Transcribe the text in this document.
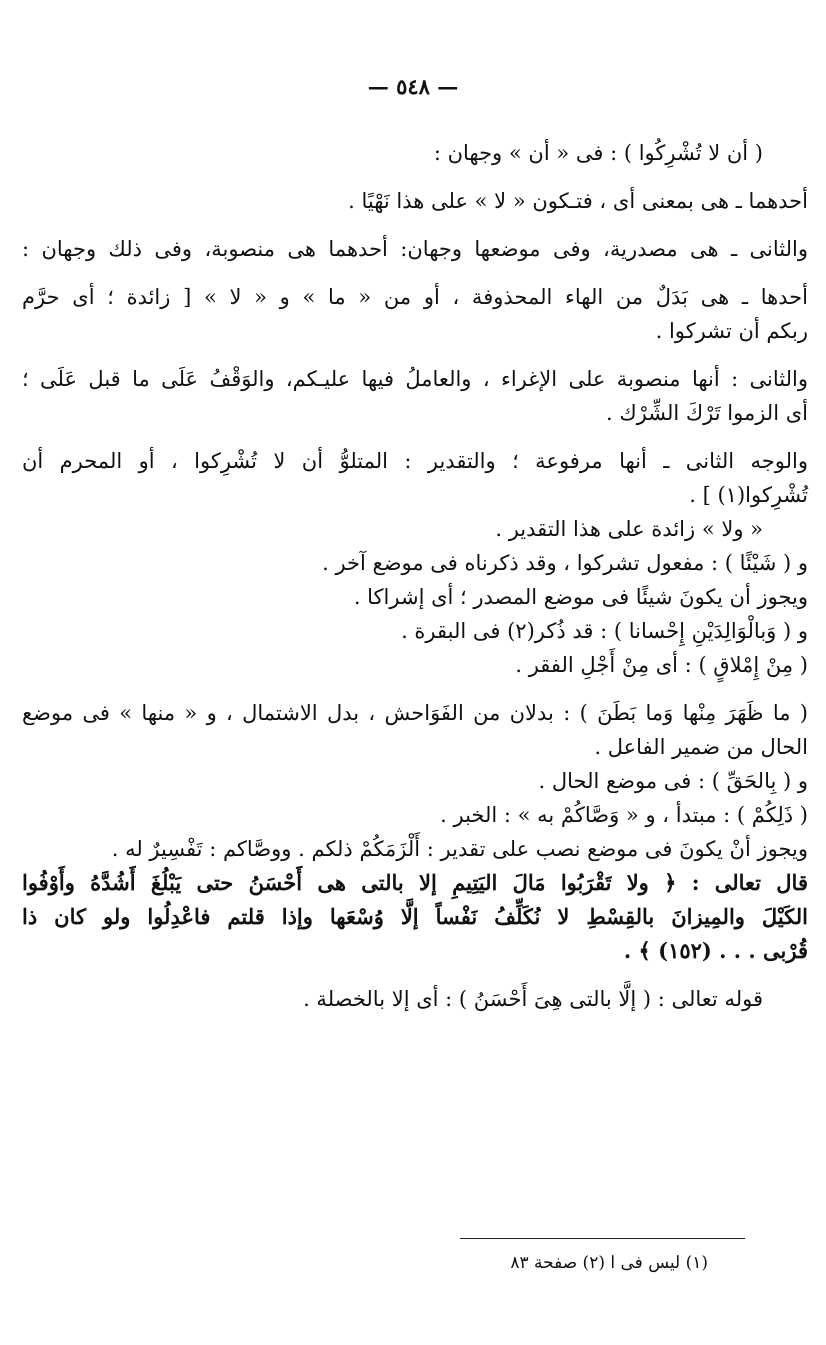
— ٥٤٨ —
( أن لا تُشْرِكُوا ) : فى « أن » وجهان :
أحدهما ـ هى بمعنى أى ، فتـكون « لا » على هذا نَهْيًا .
والثانى ـ هى مصدرية، وفى موضعها وجهان: أحدهما هى منصوبة، وفى ذلك وجهان :
أحدها ـ هى بَدَلٌ من الهاء المحذوفة ، أو من « ما » و « لا » [ زائدة ؛ أى حرَّم
ربكم أن تشركوا .
والثانى : أنها منصوبة على الإغراء ، والعاملُ فيها عليـكم، والوَقْفُ عَلَى ما قبل عَلَى ؛
أى الزموا تَرْكَ الشِّرْك .
والوجه الثانى ـ أنها مرفوعة ؛ والتقدير : المتلوُّ أن لا تُشْرِكوا ، أو المحرم أن
تُشْرِكوا(١) ] .
« ولا » زائدة على هذا التقدير .
و ( شَيْئًا ) : مفعول تشركوا ، وقد ذكرناه فى موضع آخر .
ويجوز أن يكونَ شيئًا فى موضع المصدر ؛ أى إشراكا .
و ( وَبالْوَالِدَيْنِ إِحْسانا ) : قد ذُكر(٢) فى البقرة .
( مِنْ إِمْلاقٍ ) : أى مِنْ أَجْلِ الفقر .
( ما ظَهَرَ مِنْها وَما بَطَنَ ) : بدلان من الفَوَاحش ، بدل الاشتمال ، و « منها » فى موضع
الحال من ضمير الفاعل .
و ( بِالحَقِّ ) : فى موضع الحال .
( ذَلِكُمْ ) : مبتدأ ، و « وَصَّاكُمْ به » : الخبر .
ويجوز أنْ يكونَ فى موضع نصب على تقدير : أَلْزَمَكُمْ ذلكم . ووصَّاكم : تَفْسِيرٌ له .
قال تعالى : ﴿ ولا تَقْرَبُوا مَالَ اليَتِيمِ إلا بالتى هى أَحْسَنُ حتى يَبْلُغَ أَشُدَّهُ وأَوْفُوا
الكَيْلَ والمِيزانَ بالقِسْطِ لا نُكَلِّفُ نَفْساً إلَّا وُسْعَها وإذا قلتم فاعْدِلُوا ولو كان ذا
قُرْبى . . . (١٥٢) ﴾ .
قوله تعالى : ( إلَّا بالتى هِىَ أَحْسَنُ ) : أى إلا بالخصلة .
(١) ليس فى ا (٢) صفحة ٨٣
